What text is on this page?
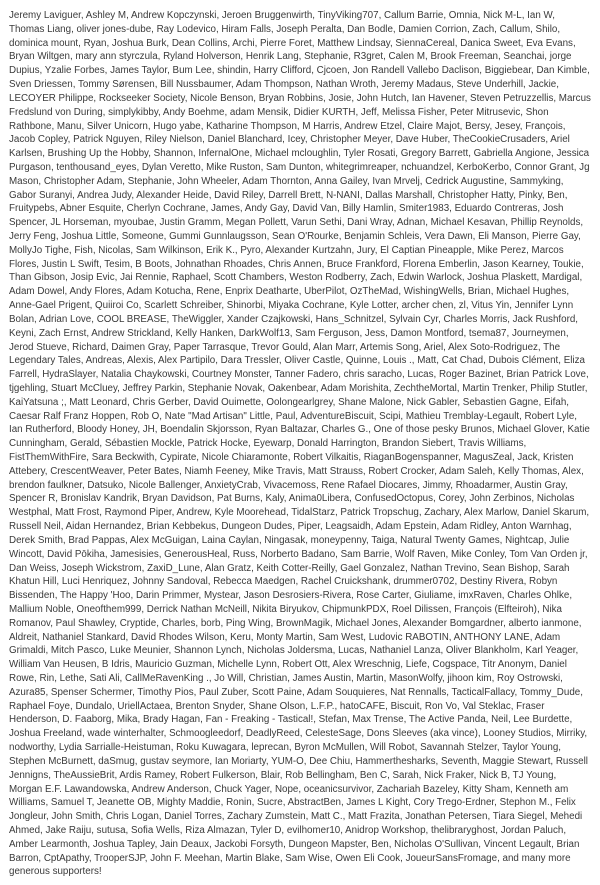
Jeremy Laviguer, Ashley M, Andrew Kopczynski, Jeroen Bruggenwirth, TinyViking707, Callum Barrie, Omnia, Nick M-L, Ian W, Thomas Liang, oliver jones-dube, Ray Lodevico, Hiram Falls, Joseph Peralta, Dan Bodle, Damien Corrion, Zach, Callum, Shilo, dominica mount, Ryan, Joshua Burk, Dean Collins, Archi, Pierre Foret, Matthew Lindsay, SiennaCereal, Danica Sweet, Eva Evans, Bryan Wiltgen, mary ann styrczula, Ryland Holverson, Henrik Lang, Stephanie, R3gret, Calen M, Brook Freeman, Seanchai, jorge Dupius, Yzalie Forbes, James Taylor, Bum Lee, shindin, Harry Clifford, Cjcoen, Jon Randell Vallebo Daclison, Biggiebear, Dan Kimble, Sven Driessen, Tommy Sørensen, Bill Nussbaumer, Adam Thompson, Nathan Wroth, Jeremy Madaus, Steve Underhill, Jackie, LECOYER Philippe, Rockseeker Society, Nicole Benson, Bryan Robbins, Josie, John Hutch, Ian Havener, Steven Petruzzellis, Marcus Fredslund von During, simplykibby, Andy Boehme, adam Mensik, Didier KURTH, Jeff, Melissa Fisher, Peter Mitrusevic, Shon Rathbone, Manu, Silver Unicorn, Hugo yabe, Katharine Thompson, M Harris, Andrew Etzel, Claire Majot, Bersy, Jesey, François, Jacob Copley, Patrick Nguyen, Riley Nielson, Daniel Blanchard, Icey, Christopher Meyer, Dave Huber, TheCookieCrusaders, Ariel Karlsen, Brushing Up the Hobby, Shannon, InfernalOne, Michael mcloughlin, Tyler Rosati, Gregory Barrett, Gabriella Angione, Jessica Purgason, tenthousand_eyes, Dylan Veretto, Mike Ruston, Sam Dunton, whitegrimreaper, nchuandzel, KerboKerbo, Connor Grant, Jg Mason, Christopher Adam, Stephanie, John Wheeler, Adam Thornton, Anna Gailey, Ivan Mrvelj, Cedrick Augustine, Sammyking, Gabor Suranyi, Andrea Judy, Alexander Heide, David Riley, Darrell Brett, N-NANI, Dallas Marshall, Christopher Hatty, Pinky, Ben, Fruitypebs, Abner Esquite, Cherlyn Cochrane, James, Andy Gay, David Van, Billy Hamlin, Smiter1983, Eduardo Contreras, Josh Spencer, JL Horseman, myoubae, Justin Gramm, Megan Pollett, Varun Sethi, Dani Wray, Adnan, Michael Kesavan, Phillip Reynolds, Jerry Feng, Joshua Little, Someone, Gummi Gunnlaugsson, Sean O'Rourke, Benjamin Schleis, Vera Dawn, Eli Manson, Pierre Gay, MollyJo Tighe, Fish, Nicolas, Sam Wilkinson, Erik K., Pyro, Alexander Kurtzahn, Jury, El Captian Pineapple, Mike Perez, Marcos Flores, Justin L Swift, Tesim, B Boots, Johnathan Rhoades, Chris Annen, Bruce Frankford, Florena Emberlin, Jason Kearney, Toukie, Than Gibson, Josip Evic, Jai Rennie, Raphael, Scott Chambers, Weston Rodberry, Zach, Edwin Warlock, Joshua Plaskett, Mardigal, Adam Dowel, Andy Flores, Adam Kotucha, Rene, Enprix Deatharte, UberPilot, OzTheMad, WishingWells, Brian, Michael Hughes, Anne-Gael Prigent, Quiiroi Co, Scarlett Schreiber, Shinorbi, Miyaka Cochrane, Kyle Lotter, archer chen, zl, Vitus Yin, Jennifer Lynn Bolan, Adrian Love, COOL BREASE, TheWiggler, Xander Czajkowski, Hans_Schnitzel, Sylvain Cyr, Charles Morris, Jack Rushford, Keyni, Zach Ernst, Andrew Strickland, Kelly Hanken, DarkWolf13, Sam Ferguson, Jess, Damon Montford, tsema87, Journeymen, Jerod Stueve, Richard, Daimen Gray, Paper Tarrasque, Trevor Gould, Alan Marr, Artemis Song, Ariel, Alex Soto-Rodriguez, The Legendary Tales, Andreas, Alexis, Alex Partipilo, Dara Tressler, Oliver Castle, Quinne, Louis ., Matt, Cat Chad, Dubois Clément, Eliza Farrell, HydraSlayer, Natalia Chaykowski, Courtney Monster, Tanner Fadero, chris saracho, Lucas, Roger Bazinet, Brian Patrick Love, tjgehling, Stuart McCluey, Jeffrey Parkin, Stephanie Novak, Oakenbear, Adam Morishita, ZechtheMortal, Martin Trenker, Philip Stutler, KaiYatsuna ;, Matt Leonard, Chris Gerber, David Ouimette, Oolongearlgrey, Shane Malone, Nick Gabler, Sebastien Gagne, Eifah, Caesar Ralf Franz Hoppen, Rob O, Nate "Mad Artisan" Little, Paul, AdventureBiscuit, Scipi, Mathieu Tremblay-Legault, Robert Lyle, Ian Rutherford, Bloody Honey, JH, Boendalin Skjorsson, Ryan Baltazar, Charles G., One of those pesky Brunos, Michael Glover, Katie Cunningham, Gerald, Sébastien Mockle, Patrick Hocke, Eyewarp, Donald Harrington, Brandon Siebert, Travis Williams, FistThemWithFire, Sara Beckwith, Cypirate, Nicole Chiaramonte, Robert Vilkaitis, RiaganBogenspanner, MagusZeal, Jack, Kristen Attebery, CrescentWeaver, Peter Bates, Niamh Feeney, Mike Travis, Matt Strauss, Robert Crocker, Adam Saleh, Kelly Thomas, Alex, brendon faulkner, Datsuko, Nicole Ballenger, AnxietyCrab, Vivacemoss, Rene Rafael Diocares, Jimmy, Rhoadarmer, Austin Gray, Spencer R, Bronislav Kandrik, Bryan Davidson, Pat Burns, Kaly, Anima0Libera, ConfusedOctopus, Corey, John Zerbinos, Nicholas Westphal, Matt Frost, Raymond Piper, Andrew, Kyle Moorehead, TidalStarz, Patrick Tropschug, Zachary, Alex Marlow, Daniel Skarum, Russell Neil, Aidan Hernandez, Brian Kebbekus, Dungeon Dudes, Piper, Leagsaidh, Adam Epstein, Adam Ridley, Anton Warnhag, Derek Smith, Brad Pappas, Alex McGuigan, Laina Caylan, Ningasak, moneypenny, Taiga, Natural Twenty Games, Nightcap, Julie Wincott, David Pōkiha, Jamesisies, GenerousHeal, Russ, Norberto Badano, Sam Barrie, Wolf Raven, Mike Conley, Tom Van Orden jr, Dan Weiss, Joseph Wickstrom, ZaxiD_Lune, Alan Gratz, Keith Cotter-Reilly, Gael Gonzalez, Nathan Trevino, Sean Bishop, Sarah Khatun Hill, Luci Henriquez, Johnny Sandoval, Rebecca Maedgen, Rachel Cruickshank, drummer0702, Destiny Rivera, Robyn Bissenden, The Happy 'Hoo, Darin Primmer, Mystear, Jason Desrosiers-Rivera, Rose Carter, Giuliame, imxRaven, Charles Ohlke, Mallium Noble, Oneofthem999, Derrick Nathan McNeill, Nikita Biryukov, ChipmunkPDX, Roel Dilissen, François (Elfteiroh), Nika Romanov, Paul Shawley, Cryptide, Charles, borb, Ping Wing, BrownMagik, Michael Jones, Alexander Bomgardner, alberto ianmone, Aldreit, Nathaniel Stankard, David Rhodes Wilson, Keru, Monty Martin, Sam West, Ludovic RABOTIN, ANTHONY LANE, Adam Grimaldi, Mitch Pasco, Luke Meunier, Shannon Lynch, Nicholas Joldersma, Lucas, Nathaniel Lanza, Oliver Blankholm, Karl Yeager, William Van Heusen, B Idris, Mauricio Guzman, Michelle Lynn, Robert Ott, Alex Wreschnig, Liefe, Cogspace, Titr Anonym, Daniel Rowe, Rin, Lethe, Sati Ali, CallMeRavenKing ., Jo Will, Christian, James Austin, Martin, MasonWolfy, jihoon kim, Roy Ostrowski, Azura85, Spenser Schermer, Timothy Pios, Paul Zuber, Scott Paine, Adam Souquieres, Nat Rennalls, TacticalFallacy, Tommy_Dude, Raphael Foye, Dundalo, UriellActaea, Brenton Snyder, Shane Olson, L.F.P., hatoCAFE, Biscuit, Ron Vo, Val Steklac, Fraser Henderson, D. Faaborg, Mika, Brady Hagan, Fan - Freaking - Tastical!, Stefan, Max Trense, The Active Panda, Neil, Lee Burdette, Joshua Freeland, wade winterhalter, Schmoogleedorf, DeadlyReed, CelesteSage, Dons Sleeves (aka vince), Looney Studios, Mirriky, nodworthy, Lydia Sarrialle-Heistuman, Roku Kuwagara, leprecan, Byron McMullen, Will Robot, Savannah Stelzer, Taylor Young, Stephen McBurnett, daSmug, gustav seymore, Ian Moriarty, YUM-O, Dee Chiu, Hammerthesharks, Seventh, Maggie Stewart, Russell Jennigns, TheAussieBrit, Ardis Ramey, Robert Fulkerson, Blair, Rob Bellingham, Ben C, Sarah, Nick Fraker, Nick B, TJ Young, Morgan E.F. Lawandowska, Andrew Anderson, Chuck Yager, Nope, oceanicsurvivor, Zachariah Bazeley, Kitty Sham, Kenneth am Williams, Samuel T, Jeanette OB, Mighty Maddie, Ronin, Sucre, AbstractBen, James L Kight, Cory Trego-Erdner, Stephon M., Felix Jongleur, John Smith, Chris Logan, Daniel Torres, Zachary Zumstein, Matt C., Matt Frazita, Jonathan Petersen, Tiara Siegel, Mehedi Ahmed, Jake Raiju, sutusa, Sofia Wells, Riza Almazan, Tyler D, evilhomer10, Anidrop Workshop, thelibraryghost, Jordan Paluch, Amber Learmonth, Joshua Tapley, Jain Deaux, Jackobi Forsyth, Dungeon Mapster, Ben, Nicholas O'Sullivan, Vincent Legault, Brian Barron, CptApathy, TrooperSJP, John F. Meehan, Martin Blake, Sam Wise, Owen Eli Cook, JoueurSansFromage, and many more generous supporters!
